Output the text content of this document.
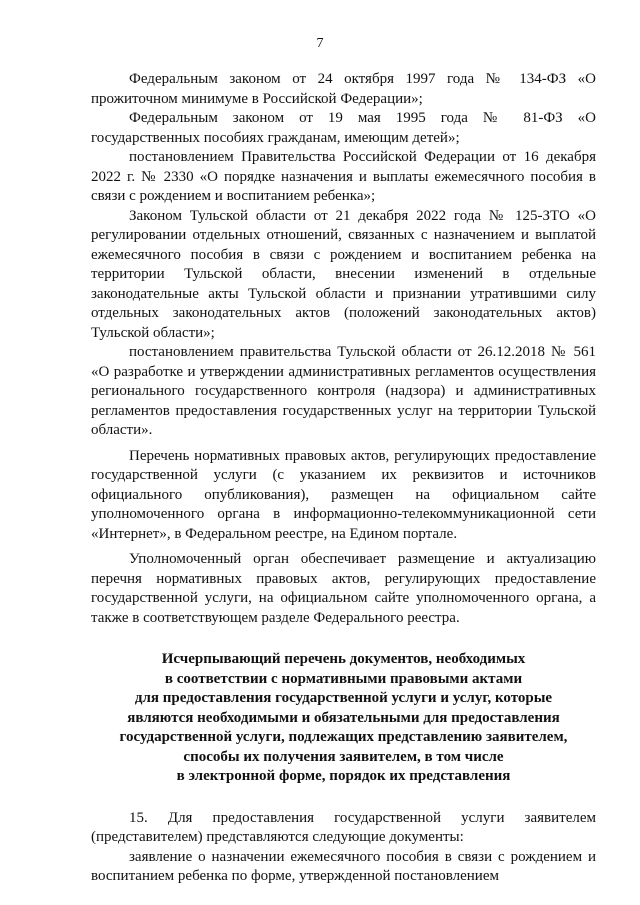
7

Федеральным законом от 24 октября 1997 года № 134-ФЗ «О прожиточном минимуме в Российской Федерации»;

Федеральным законом от 19 мая 1995 года № 81-ФЗ «О государственных пособиях гражданам, имеющим детей»;

постановлением Правительства Российской Федерации от 16 декабря 2022 г. № 2330 «О порядке назначения и выплаты ежемесячного пособия в связи с рождением и воспитанием ребенка»;

Законом Тульской области от 21 декабря 2022 года № 125-ЗТО «О регулировании отдельных отношений, связанных с назначением и выплатой ежемесячного пособия в связи с рождением и воспитанием ребенка на территории Тульской области, внесении изменений в отдельные законодательные акты Тульской области и признании утратившими силу отдельных законодательных актов (положений законодательных актов) Тульской области»;

постановлением правительства Тульской области от 26.12.2018 № 561 «О разработке и утверждении административных регламентов осуществления регионального государственного контроля (надзора) и административных регламентов предоставления государственных услуг на территории Тульской области».

Перечень нормативных правовых актов, регулирующих предоставление государственной услуги (с указанием их реквизитов и источников официального опубликования), размещен на официальном сайте уполномоченного органа в информационно-телекоммуникационной сети «Интернет», в Федеральном реестре, на Едином портале.

Уполномоченный орган обеспечивает размещение и актуализацию перечня нормативных правовых актов, регулирующих предоставление государственной услуги, на официальном сайте уполномоченного органа, а также в соответствующем разделе Федерального реестра.

Исчерпывающий перечень документов, необходимых
в соответствии с нормативными правовыми актами
для предоставления государственной услуги и услуг, которые
являются необходимыми и обязательными для предоставления
государственной услуги, подлежащих представлению заявителем,
способы их получения заявителем, в том числе
в электронной форме, порядок их представления

15. Для предоставления государственной услуги заявителем (представителем) представляются следующие документы:

заявление о назначении ежемесячного пособия в связи с рождением и воспитанием ребенка по форме, утвержденной постановлением
